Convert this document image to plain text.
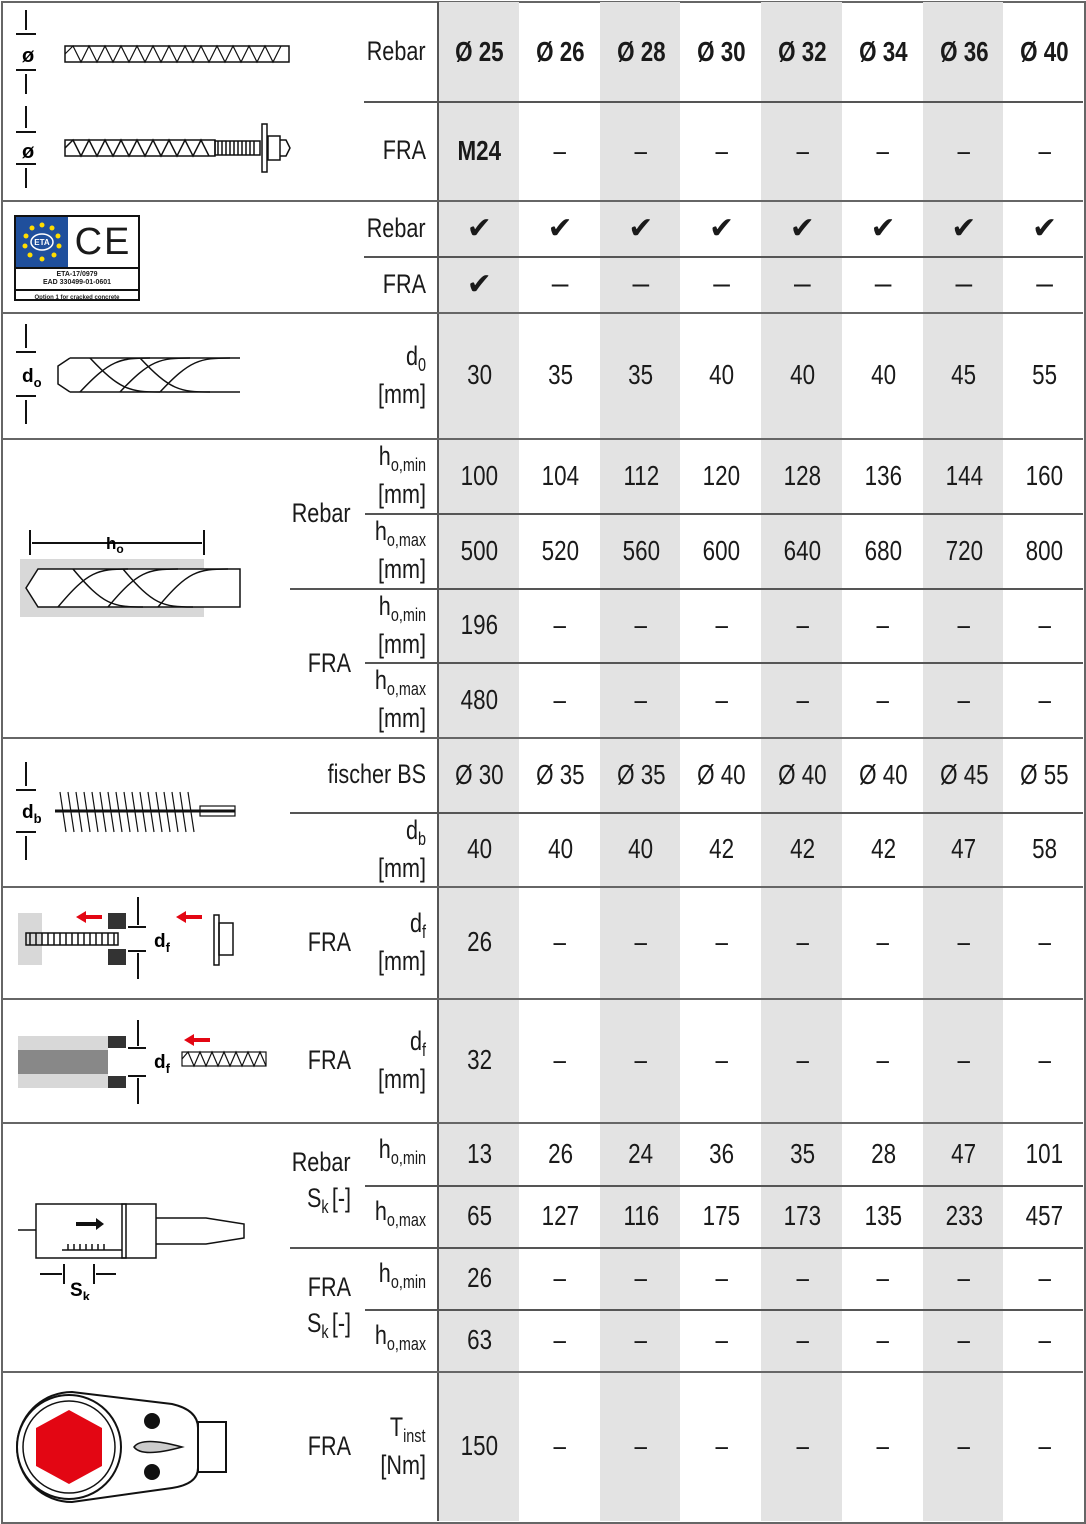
Rebar Ø 25 Ø 26 Ø 28 Ø 30 Ø 32 Ø 34 Ø 36 Ø 40
FRA M24 – – – – – – –
Rebar ✔ ✔ ✔ ✔ ✔ ✔ ✔ ✔
FRA ✔ – – – – – – –
$d_0$
[mm]
30 35 35 40 40 40 45 55
$h_{o,min}$
[mm]
100 104 112 120 128 136 144 160
$h_{o,max}$
[mm]
500 520 560 600 640 680 720 800
$h_{o,min}$
[mm]
196 – – – – – – –
$h_{o,max}$
[mm]
480 – – – – – – –
fischer BS Ø 30 Ø 35 Ø 35 Ø 40 Ø 40 Ø 40 Ø 45 Ø 55
$d_b$
[mm]
40 40 40 42 42 42 47 58
$d_f$
[mm]
26 – – – – – – –
$d_f$
[mm]
32 – – – – – – –
$h_{o,min}$ 13 26 24 36 35 28 47 101
$h_{o,max}$ 65 127 116 175 173 135 233 457
$h_{o,min}$ 26 – – – – – – –
$h_{o,max}$ 63 – – – – – – –
$T_{inst}$
[Nm]
150 – – – – – – –
Rebar
FRA
FRA
FRA
Rebar
$S_k$ [-]
FRA
$S_k$ [-]
FRA
ø
ø
ETA CE
ETA-17/0979
EAD 330499-01-0601
Option 1 for cracked concrete
$d_o$
$h_o$
$d_b$
$d_f$
$d_f$
$S_k$
